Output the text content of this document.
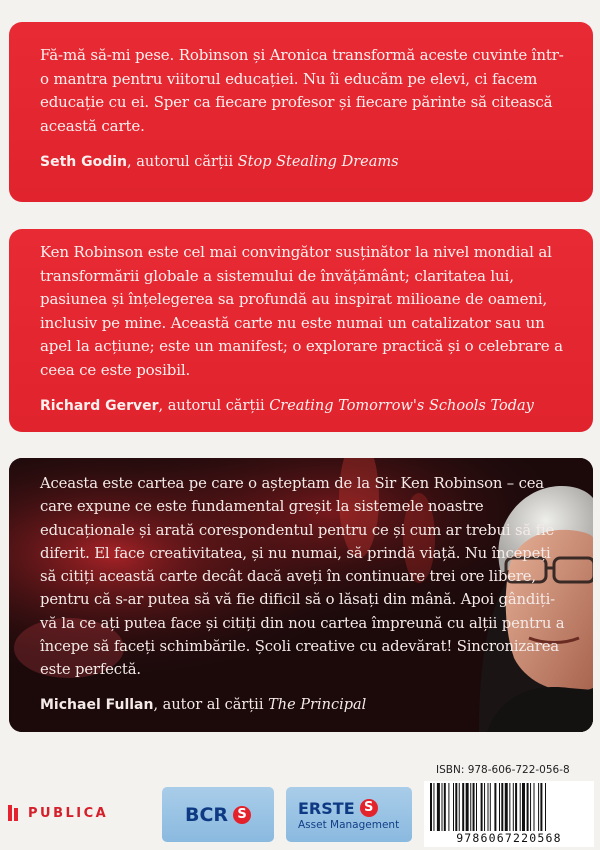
Fă-mă să-mi pese. Robinson și Aronica transformă aceste cuvinte într-o mantra pentru viitorul educației. Nu îi educăm pe elevi, ci facem educație cu ei. Sper ca fiecare profesor și fiecare părinte să citească această carte.

Seth Godin, autorul cărții Stop Stealing Dreams

Ken Robinson este cel mai convingător susținător la nivel mondial al transformării globale a sistemului de învățământ; claritatea lui, pasiunea și înțelegerea sa profundă au inspirat milioane de oameni, inclusiv pe mine. Această carte nu este numai un catalizator sau un apel la acțiune; este un manifest; o explorare practică și o celebrare a ceea ce este posibil.

Richard Gerver, autorul cărții Creating Tomorrow's Schools Today

Aceasta este cartea pe care o așteptam de la Sir Ken Robinson – cea care expune ce este fundamental greșit la sistemele noastre educaționale și arată corespondentul pentru ce și cum ar trebui să fie diferit. El face creativitatea, și nu numai, să prindă viață. Nu începeți să citiți această carte decât dacă aveți în continuare trei ore libere, pentru că s-ar putea să vă fie dificil să o lăsați din mână. Apoi gândiți-vă la ce ați putea face și citiți din nou cartea împreună cu alții pentru a începe să faceți schimbările. Școli creative cu adevărat! Sincronizarea este perfectă.

Michael Fullan, autor al cărții The Principal

PUBLICA	BCR S	ERSTE S
Asset Management
ISBN: 978-606-722-056-8
9786067220568
